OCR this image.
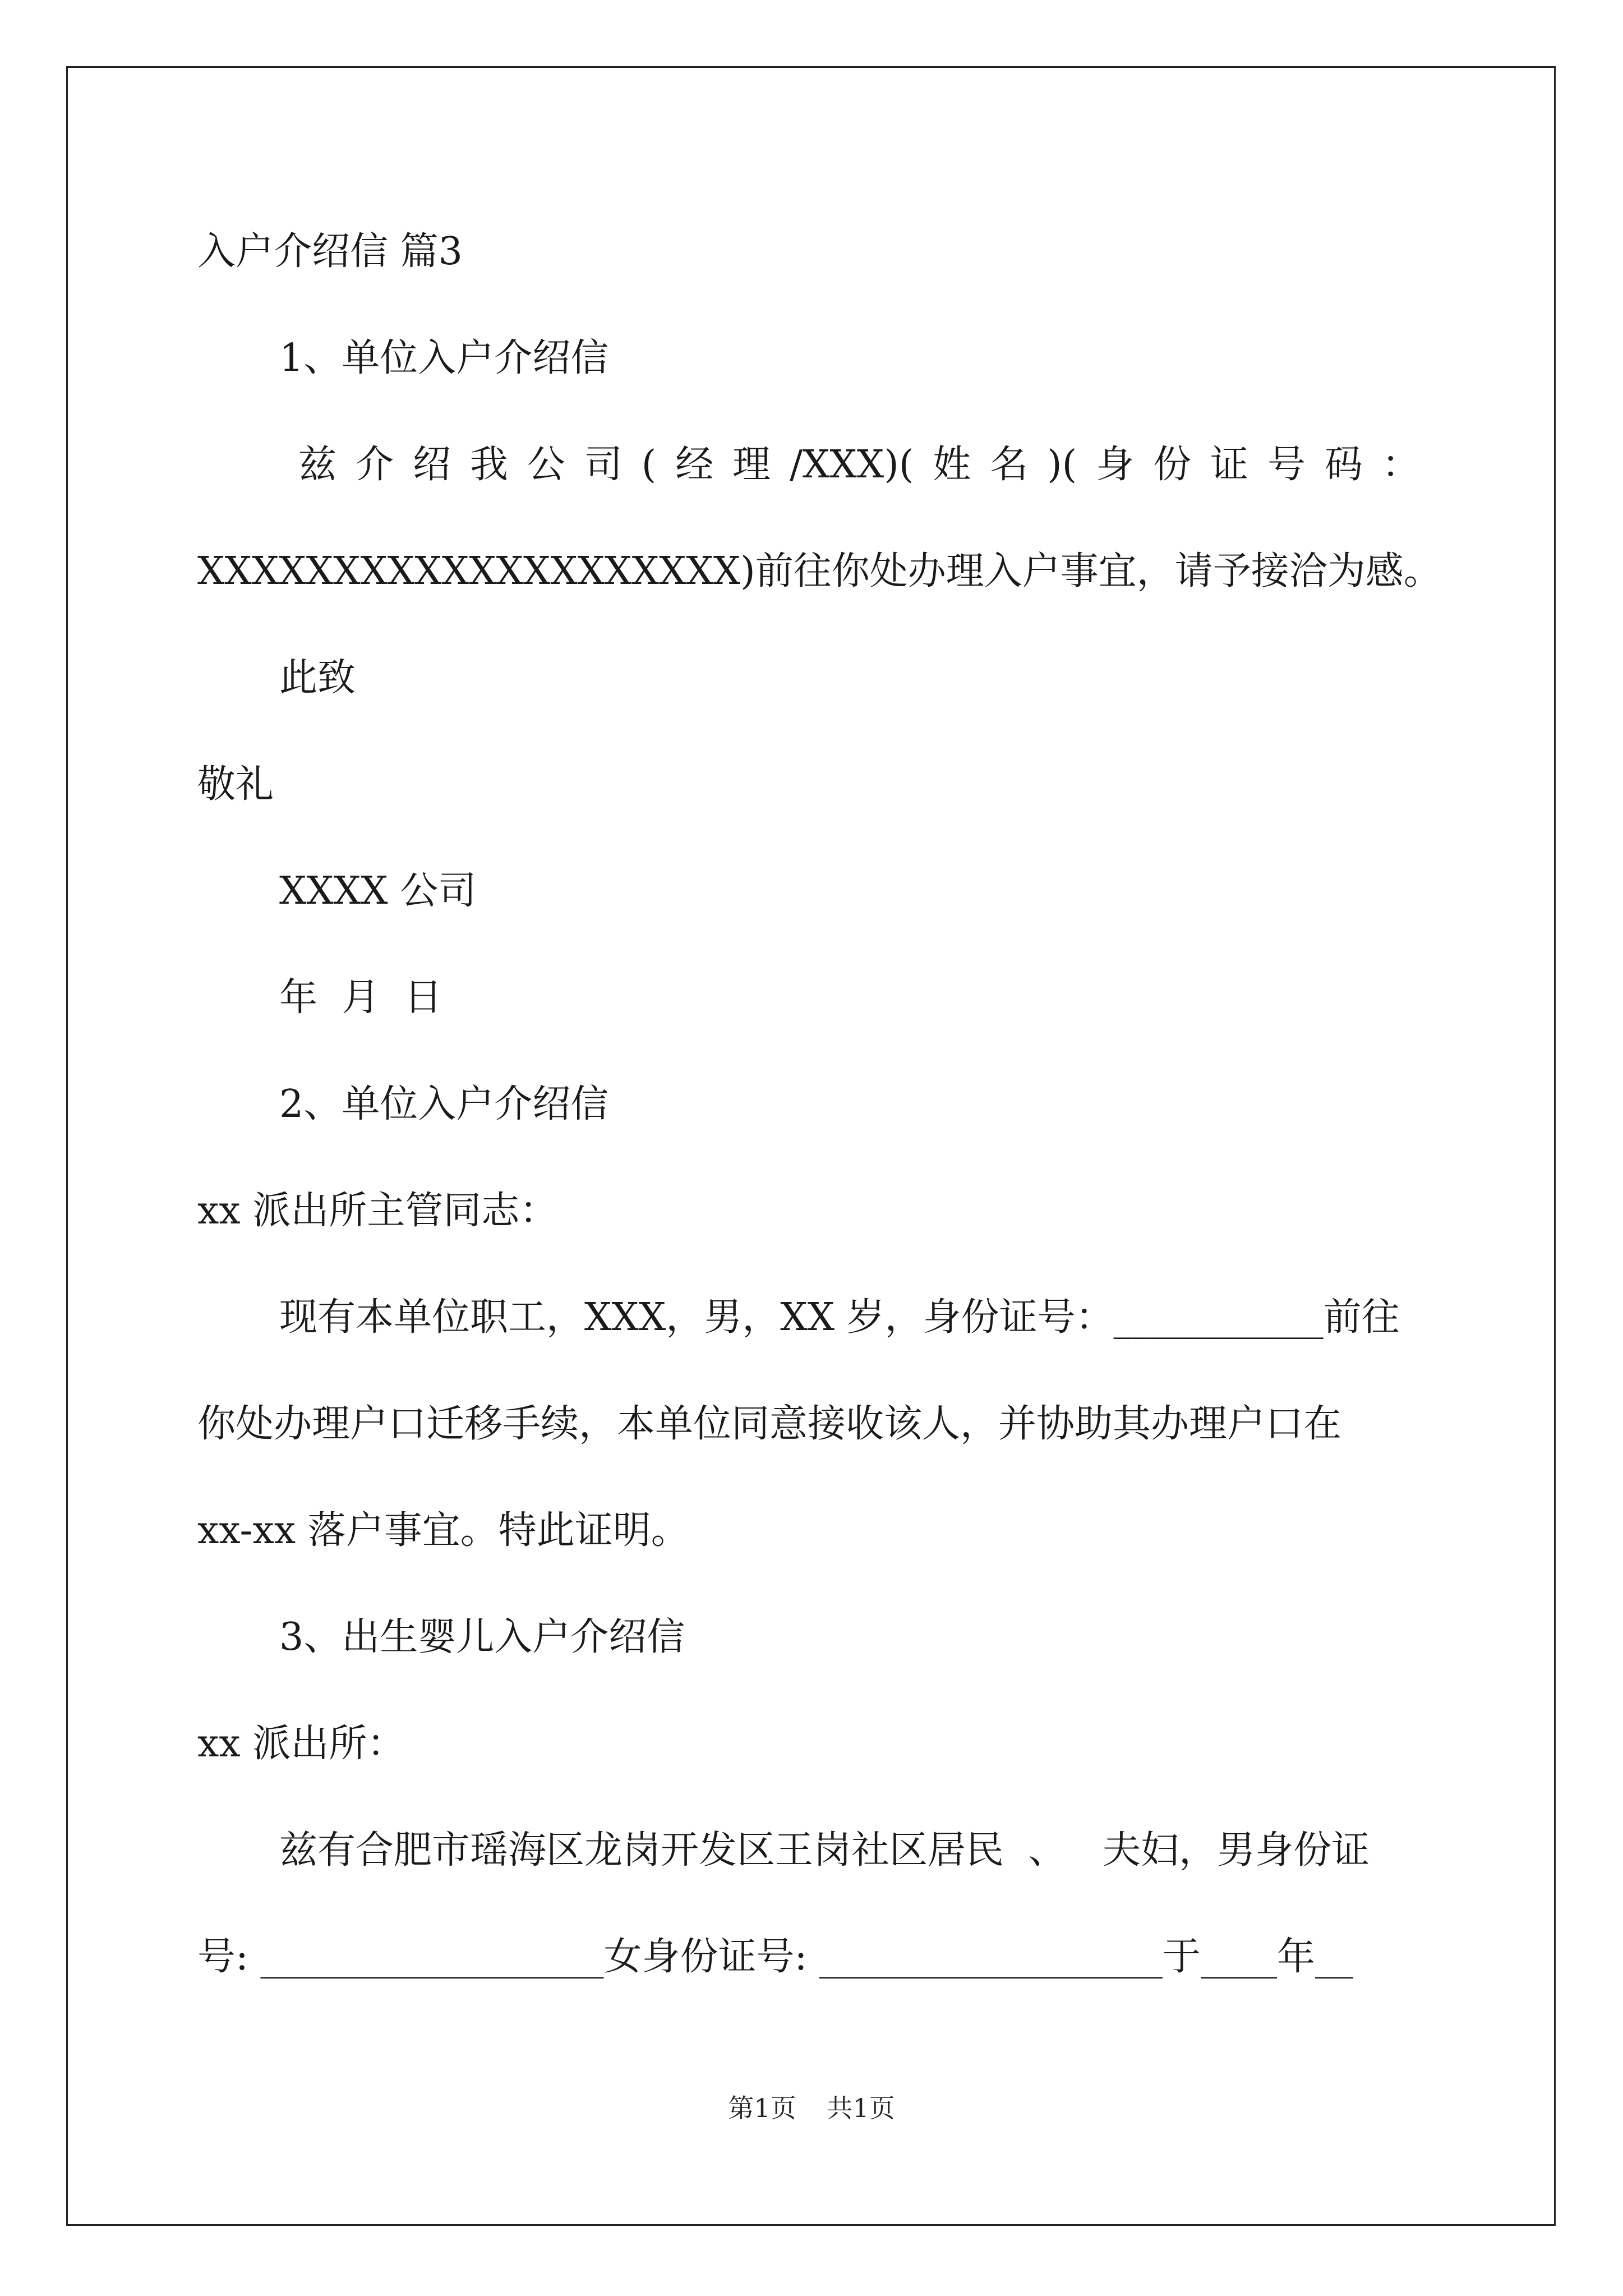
入户介绍信 篇3
1、单位入户介绍信
兹 介 绍 我 公 司 ( 经 理 /XXX)( 姓 名 )( 身 份 证 号 码 ：
XXXXXXXXXXXXXXXXXXXX)前往你处办理入户事宜，请予接洽为感。
此致
敬礼
XXXX 公司
年  月  日
2、单位入户介绍信
xx 派出所主管同志：
现有本单位职工，XXX，男，XX 岁，身份证号：___________前往
你处办理户口迁移手续，本单位同意接收该人，并协助其办理户口在
xx-xx 落户事宜。特此证明。
3、出生婴儿入户介绍信
xx 派出所：
兹有合肥市瑶海区龙岗开发区王岗社区居民  、   夫妇，男身份证
号: __________________女身份证号: __________________于____年__
第1页 共1页
